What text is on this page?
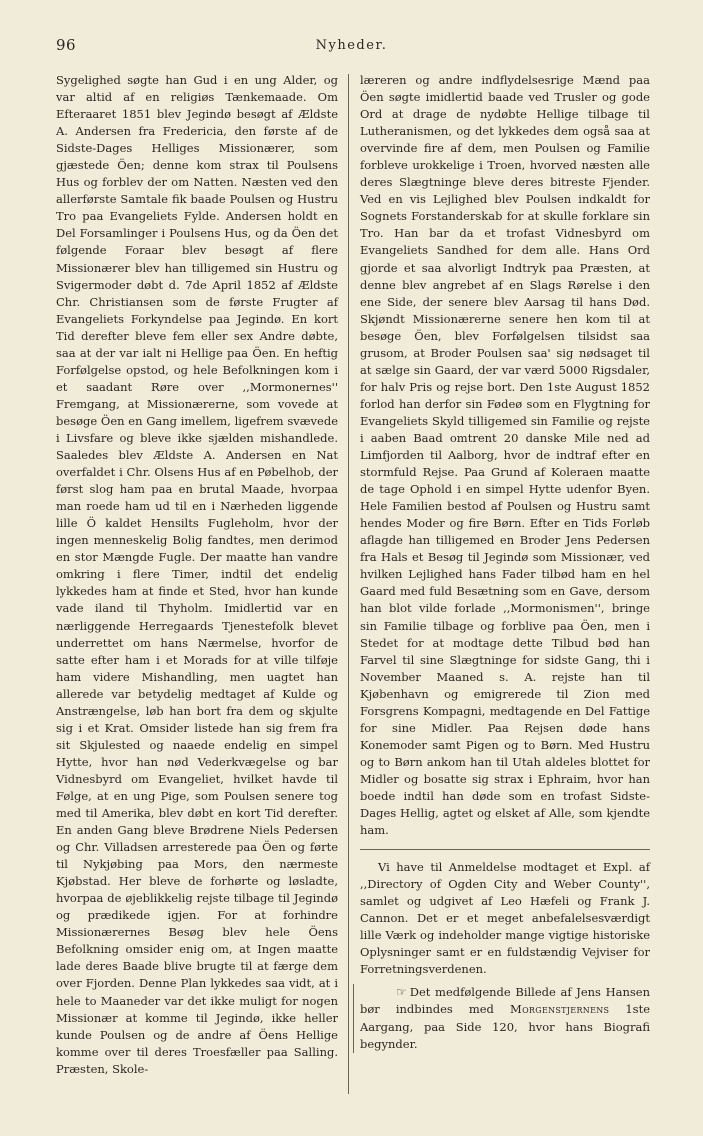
96	Nyheder.

Sygelighed søgte han Gud i en ung Alder, og var altid af en religiøs Tænkemaade. Om Efteraaret 1851 blev Jegindø besøgt af Ældste A. Andersen fra Fredericia, den første af de Sidste-Dages Helliges Missionærer, som gjæstede Öen; denne kom strax til Poulsens Hus og forblev der om Natten. Næsten ved den allerførste Samtale fik baade Poulsen og Hustru Tro paa Evangeliets Fylde. Andersen holdt en Del Forsamlinger i Poulsens Hus, og da Öen det følgende Foraar blev besøgt af flere Missionærer blev han tilligemed sin Hustru og Svigermoder døbt d. 7de April 1852 af Ældste Chr. Christiansen som de første Frugter af Evangeliets Forkyndelse paa Jegindø. En kort Tid derefter bleve fem eller sex Andre døbte, saa at der var ialt ni Hellige paa Öen. En heftig Forfølgelse opstod, og hele Befolkningen kom i et saadant Røre over ,,Mormonernes'' Fremgang, at Missionærerne, som vovede at besøge Öen en Gang imellem, ligefrem svævede i Livsfare og bleve ikke sjælden mishandlede. Saaledes blev Ældste A. Andersen en Nat overfaldet i Chr. Olsens Hus af en Pøbelhob, der først slog ham paa en brutal Maade, hvorpaa man roede ham ud til en i Nærheden liggende lille Ö kaldet Hensilts Fugleholm, hvor der ingen menneskelig Bolig fandtes, men derimod en stor Mængde Fugle. Der maatte han vandre omkring i flere Timer, indtil det endelig lykkedes ham at finde et Sted, hvor han kunde vade iland til Thyholm. Imidlertid var en nærliggende Herregaards Tjenestefolk blevet underrettet om hans Nærmelse, hvorfor de satte efter ham i et Morads for at ville tilføje ham videre Mishandling, men uagtet han allerede var betydelig medtaget af Kulde og Anstrængelse, løb han bort fra dem og skjulte sig i et Krat. Omsider listede han sig frem fra sit Skjulested og naaede endelig en simpel Hytte, hvor han nød Vederkvægelse og bar Vidnesbyrd om Evangeliet, hvilket havde til Følge, at en ung Pige, som Poulsen senere tog med til Amerika, blev døbt en kort Tid derefter. En anden Gang bleve Brødrene Niels Pedersen og Chr. Villadsen arresterede paa Öen og førte til Nykjøbing paa Mors, den nærmeste Kjøbstad. Her bleve de forhørte og løsladte, hvorpaa de øjeblikkelig rejste tilbage til Jegindø og prædikede igjen. For at forhindre Missionærernes Besøg blev hele Öens Befolkning omsider enig om, at Ingen maatte lade deres Baade blive brugte til at færge dem over Fjorden. Denne Plan lykkedes saa vidt, at i hele to Maaneder var det ikke muligt for nogen Missionær at komme til Jegindø, ikke heller kunde Poulsen og de andre af Öens Hellige komme over til deres Troesfæller paa Salling. Præsten, Skole-

læreren og andre indflydelsesrige Mænd paa Öen søgte imidlertid baade ved Trusler og gode Ord at drage de nydøbte Hellige tilbage til Lutheranismen, og det lykkedes dem også saa at overvinde fire af dem, men Poulsen og Familie forbleve urokkelige i Troen, hvorved næsten alle deres Slægtninge bleve deres bitreste Fjender. Ved en vis Lejlighed blev Poulsen indkaldt for Sognets Forstanderskab for at skulle forklare sin Tro. Han bar da et trofast Vidnesbyrd om Evangeliets Sandhed for dem alle. Hans Ord gjorde et saa alvorligt Indtryk paa Præsten, at denne blev angrebet af en Slags Rørelse i den ene Side, der senere blev Aarsag til hans Død. Skjøndt Missionærerne senere hen kom til at besøge Öen, blev Forfølgelsen tilsidst saa grusom, at Broder Poulsen saa' sig nødsaget til at sælge sin Gaard, der var værd 5000 Rigsdaler, for halv Pris og rejse bort. Den 1ste August 1852 forlod han derfor sin Fødeø som en Flygtning for Evangeliets Skyld tilligemed sin Familie og rejste i aaben Baad omtrent 20 danske Mile ned ad Limfjorden til Aalborg, hvor de indtraf efter en stormfuld Rejse. Paa Grund af Koleraen maatte de tage Ophold i en simpel Hytte udenfor Byen. Hele Familien bestod af Poulsen og Hustru samt hendes Moder og fire Børn. Efter en Tids Forløb aflagde han tilligemed en Broder Jens Pedersen fra Hals et Besøg til Jegindø som Missionær, ved hvilken Lejlighed hans Fader tilbød ham en hel Gaard med fuld Besætning som en Gave, dersom han blot vilde forlade ,,Mormonismen'', bringe sin Familie tilbage og forblive paa Öen, men i Stedet for at modtage dette Tilbud bød han Farvel til sine Slægtninge for sidste Gang, thi i November Maaned s. A. rejste han til Kjøbenhavn og emigrerede til Zion med Forsgrens Kompagni, medtagende en Del Fattige for sine Midler. Paa Rejsen døde hans Konemoder samt Pigen og to Børn. Med Hustru og to Børn ankom han til Utah aldeles blottet for Midler og bosatte sig strax i Ephraim, hvor han boede indtil han døde som en trofast Sidste-Dages Hellig, agtet og elsket af Alle, som kjendte ham.

Vi have til Anmeldelse modtaget et Expl. af ,,Directory of Ogden City and Weber County'', samlet og udgivet af Leo Hæfeli og Frank J. Cannon. Det er et meget anbefalelsesværdigt lille Værk og indeholder mange vigtige historiske Oplysninger samt er en fuldstændig Vejviser for Forretningsverdenen.

☞ Det medfølgende Billede af Jens Hansen bør indbindes med Morgenstjernens 1ste Aargang, paa Side 120, hvor hans Biografi begynder.
